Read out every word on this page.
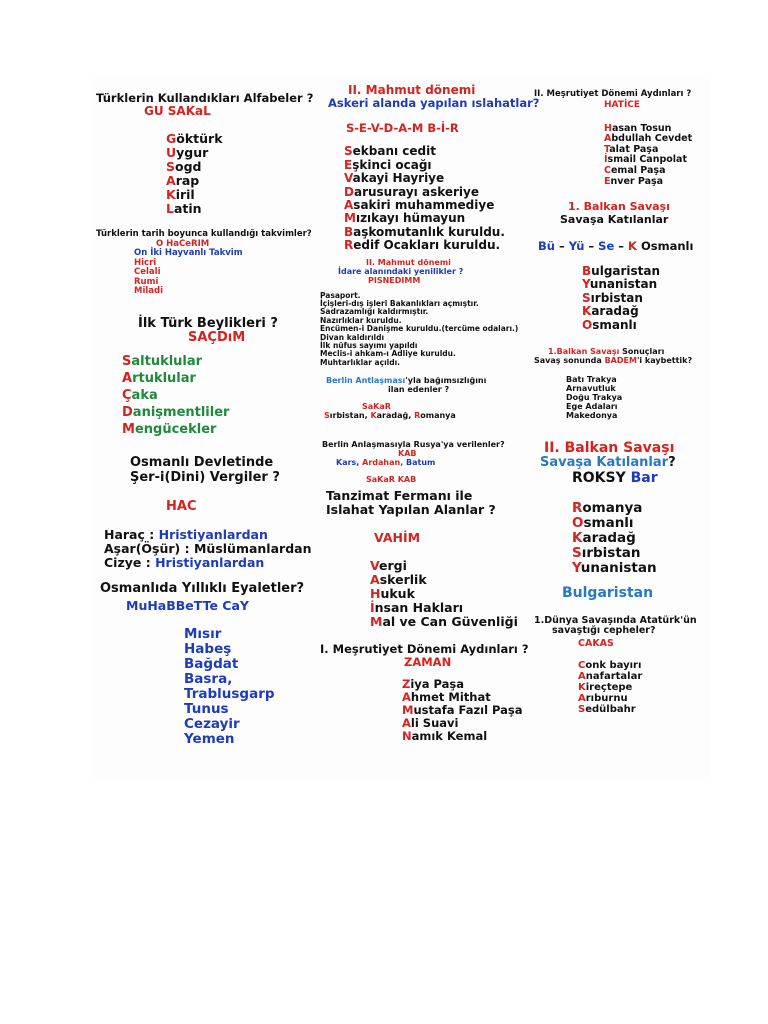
Türklerin Kullandıkları Alfabeler ?
GU SAKaL
Göktürk
Uygur
Sogd
Arap
Kiril
Latin
Türklerin tarih boyunca kullandığı takvimler?
O HaCeRIM
On İki Hayvanlı Takvim
Hicri
Celali
Rumi
Miladi
İlk Türk Beylikleri ?
SAÇDıM
Saltuklular
Artuklular
Çaka
Danişmentliler
Mengücekler
Osmanlı Devletinde
Şer-i(Dini) Vergiler ?
HAC
Haraç : Hristiyanlardan
Aşar(Öşür) : Müslümanlardan
Cizye : Hristiyanlardan
Osmanlıda Yıllıklı Eyaletler?
MuHaBBeTTe CaY
Mısır
Habeş
Bağdat
Basra,
Trablusgarp
Tunus
Cezayir
Yemen
II. Mahmut dönemi
Askeri alanda yapılan ıslahatlar?
S-E-V-D-A-M B-İ-R
Sekbanı cedit
Eşkinci ocağı
Vakayi Hayriye
Darusurayı askeriye
Asakiri muhammediye
Mızıkayı hümayun
Başkomutanlık kuruldu.
Redif Ocakları kuruldu.
II. Mahmut dönemi
İdare alanındaki yenilikler ?
PISNEDIMM
Pasaport.
İçişleri-dış işleri Bakanlıkları açmıştır.
Sadrazamlığı kaldırmıştır.
Nazırlıklar kuruldu.
Encümen-i Danişme kuruldu.(tercüme odaları.)
Divan kaldırıldı
İlk nüfus sayımı yapıldı
Meclis-i ahkam-ı Adliye kuruldu.
Muhtarlıklar açıldı.
Berlin Antlaşması'yla bağımsızlığını
ilan edenler ?
SaKaR
Sırbistan, Karadağ, Romanya
Berlin Anlaşmasıyla Rusya'ya verilenler?
KAB
Kars, Ardahan, Batum
SaKaR KAB
Tanzimat Fermanı ile
Islahat Yapılan Alanlar ?
VAHİM
Vergi
Askerlik
Hukuk
İnsan Hakları
Mal ve Can Güvenliği
I. Meşrutiyet Dönemi Aydınları ?
ZAMAN
Ziya Paşa
Ahmet Mithat
Mustafa Fazıl Paşa
Ali Suavi
Namık Kemal
II. Meşrutiyet Dönemi Aydınları ?
HATİCE
Hasan Tosun
Abdullah Cevdet
Talat Paşa
İsmail Canpolat
Cemal Paşa
Enver Paşa
1. Balkan Savaşı
Savaşa Katılanlar
Bü – Yü – Se – K Osmanlı
Bulgaristan
Yunanistan
Sırbistan
Karadağ
Osmanlı
1.Balkan Savaşı Sonuçları
Savaş sonunda BADEM'i kaybettik?
Batı Trakya
Arnavutluk
Doğu Trakya
Ege Adaları
Makedonya
II. Balkan Savaşı
Savaşa Katılanlar?
ROKSY Bar
Romanya
Osmanlı
Karadağ
Sırbistan
Yunanistan
Bulgaristan
1.Dünya Savaşında Atatürk'ün
savaştığı cepheler?
CAKAS
Conk bayırı
Anafartalar
Kireçtepe
Arıburnu
Sedülbahr
